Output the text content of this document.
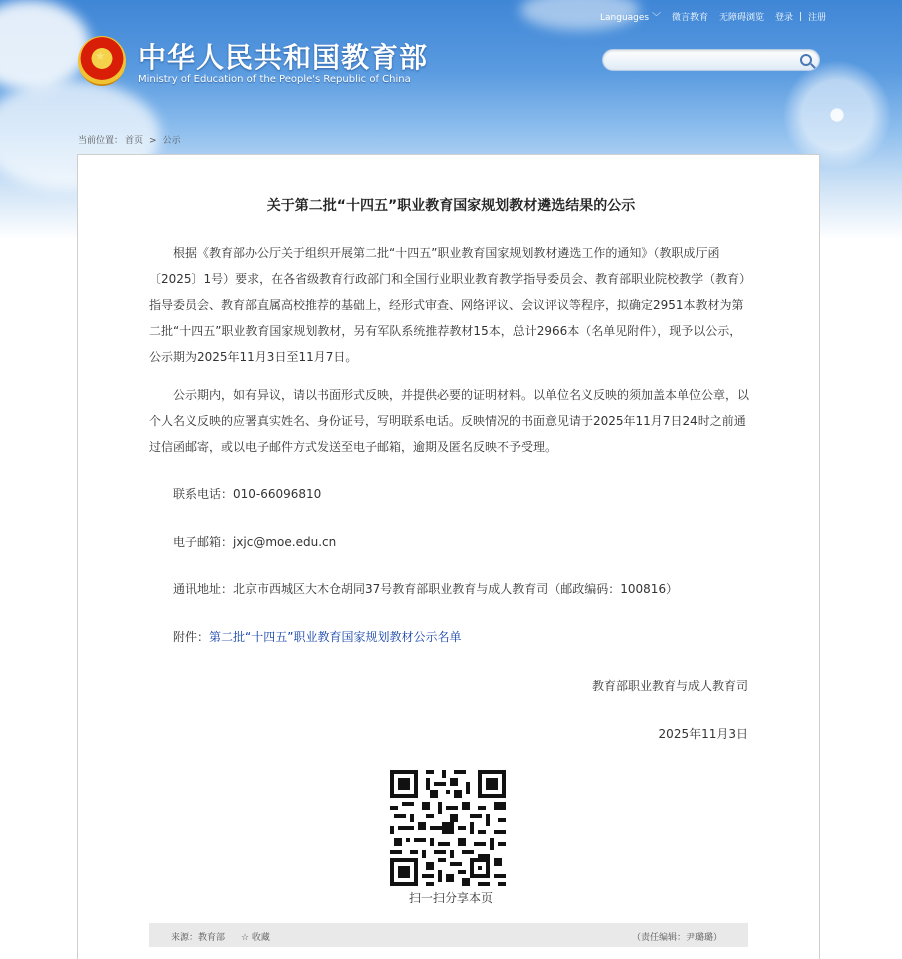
Languages ﹀ 微言教育 无障碍浏览 登录 | 注册
★
中华人民共和国教育部
Ministry of Education of the People's Republic of China
当前位置： 首页 > 公示
关于第二批“十四五”职业教育国家规划教材遴选结果的公示

根据《教育部办公厅关于组织开展第二批“十四五”职业教育国家规划教材遴选工作的通知》（教职成厅函〔2025〕1号）要求，在各省级教育行政部门和全国行业职业教育教学指导委员会、教育部职业院校教学（教育）指导委员会、教育部直属高校推荐的基础上，经形式审查、网络评议、会议评议等程序，拟确定2951本教材为第二批“十四五”职业教育国家规划教材，另有军队系统推荐教材15本，总计2966本（名单见附件），现予以公示，公示期为2025年11月3日至11月7日。

公示期内，如有异议，请以书面形式反映，并提供必要的证明材料。以单位名义反映的须加盖本单位公章，以个人名义反映的应署真实姓名、身份证号，写明联系电话。反映情况的书面意见请于2025年11月7日24时之前通过信函邮寄，或以电子邮件方式发送至电子邮箱，逾期及匿名反映不予受理。

联系电话：010-66096810
电子邮箱：jxjc@moe.edu.cn
通讯地址：北京市西城区大木仓胡同37号教育部职业教育与成人教育司（邮政编码：100816）
附件：第二批“十四五”职业教育国家规划教材公示名单
教育部职业教育与成人教育司
2025年11月3日
扫一扫分享本页
来源：教育部 ☆ 收藏	（责任编辑：尹璐璐）
